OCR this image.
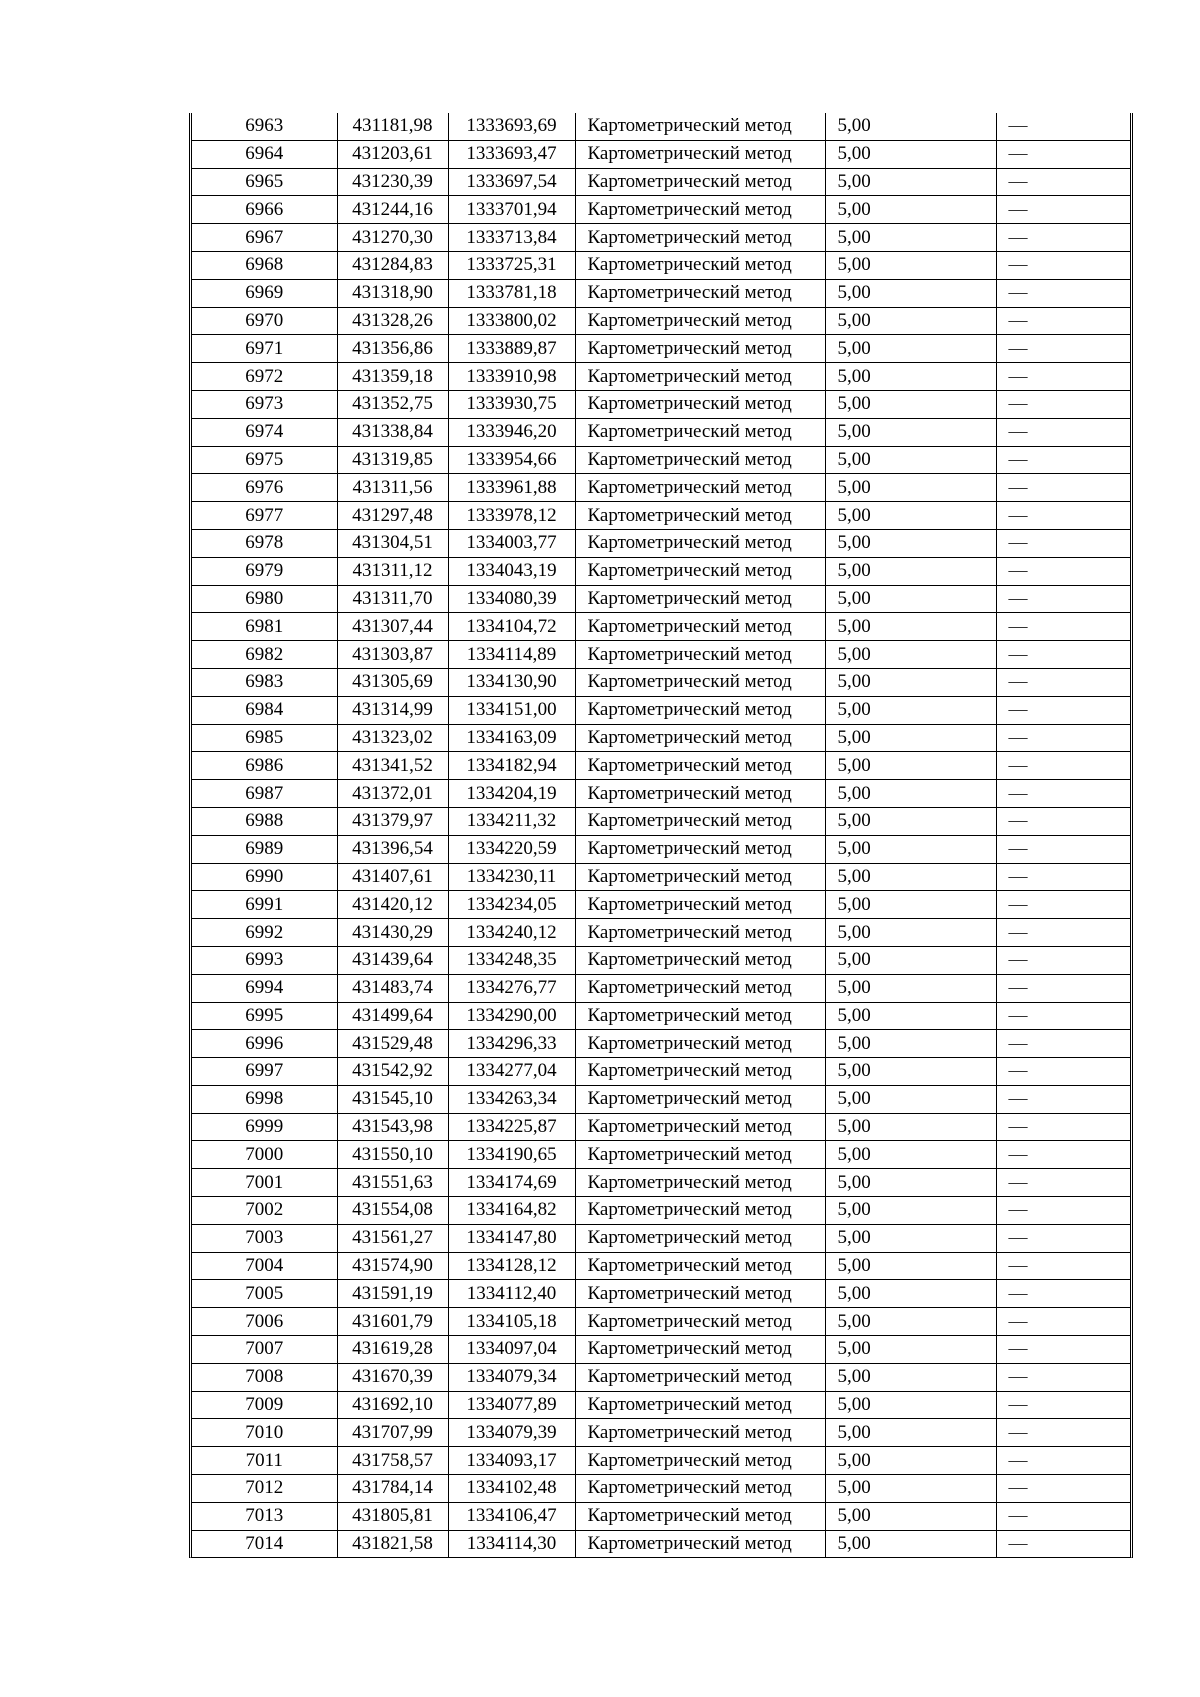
6963	431181,98	1333693,69	Картометрический метод	5,00	—
6964	431203,61	1333693,47	Картометрический метод	5,00	—
6965	431230,39	1333697,54	Картометрический метод	5,00	—
6966	431244,16	1333701,94	Картометрический метод	5,00	—
6967	431270,30	1333713,84	Картометрический метод	5,00	—
6968	431284,83	1333725,31	Картометрический метод	5,00	—
6969	431318,90	1333781,18	Картометрический метод	5,00	—
6970	431328,26	1333800,02	Картометрический метод	5,00	—
6971	431356,86	1333889,87	Картометрический метод	5,00	—
6972	431359,18	1333910,98	Картометрический метод	5,00	—
6973	431352,75	1333930,75	Картометрический метод	5,00	—
6974	431338,84	1333946,20	Картометрический метод	5,00	—
6975	431319,85	1333954,66	Картометрический метод	5,00	—
6976	431311,56	1333961,88	Картометрический метод	5,00	—
6977	431297,48	1333978,12	Картометрический метод	5,00	—
6978	431304,51	1334003,77	Картометрический метод	5,00	—
6979	431311,12	1334043,19	Картометрический метод	5,00	—
6980	431311,70	1334080,39	Картометрический метод	5,00	—
6981	431307,44	1334104,72	Картометрический метод	5,00	—
6982	431303,87	1334114,89	Картометрический метод	5,00	—
6983	431305,69	1334130,90	Картометрический метод	5,00	—
6984	431314,99	1334151,00	Картометрический метод	5,00	—
6985	431323,02	1334163,09	Картометрический метод	5,00	—
6986	431341,52	1334182,94	Картометрический метод	5,00	—
6987	431372,01	1334204,19	Картометрический метод	5,00	—
6988	431379,97	1334211,32	Картометрический метод	5,00	—
6989	431396,54	1334220,59	Картометрический метод	5,00	—
6990	431407,61	1334230,11	Картометрический метод	5,00	—
6991	431420,12	1334234,05	Картометрический метод	5,00	—
6992	431430,29	1334240,12	Картометрический метод	5,00	—
6993	431439,64	1334248,35	Картометрический метод	5,00	—
6994	431483,74	1334276,77	Картометрический метод	5,00	—
6995	431499,64	1334290,00	Картометрический метод	5,00	—
6996	431529,48	1334296,33	Картометрический метод	5,00	—
6997	431542,92	1334277,04	Картометрический метод	5,00	—
6998	431545,10	1334263,34	Картометрический метод	5,00	—
6999	431543,98	1334225,87	Картометрический метод	5,00	—
7000	431550,10	1334190,65	Картометрический метод	5,00	—
7001	431551,63	1334174,69	Картометрический метод	5,00	—
7002	431554,08	1334164,82	Картометрический метод	5,00	—
7003	431561,27	1334147,80	Картометрический метод	5,00	—
7004	431574,90	1334128,12	Картометрический метод	5,00	—
7005	431591,19	1334112,40	Картометрический метод	5,00	—
7006	431601,79	1334105,18	Картометрический метод	5,00	—
7007	431619,28	1334097,04	Картометрический метод	5,00	—
7008	431670,39	1334079,34	Картометрический метод	5,00	—
7009	431692,10	1334077,89	Картометрический метод	5,00	—
7010	431707,99	1334079,39	Картометрический метод	5,00	—
7011	431758,57	1334093,17	Картометрический метод	5,00	—
7012	431784,14	1334102,48	Картометрический метод	5,00	—
7013	431805,81	1334106,47	Картометрический метод	5,00	—
7014	431821,58	1334114,30	Картометрический метод	5,00	—
